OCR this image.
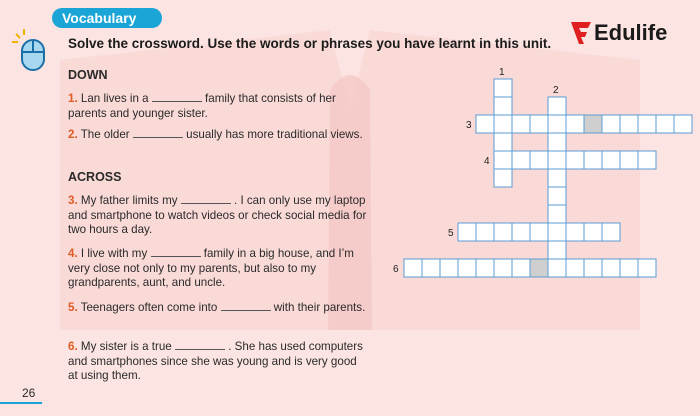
Vocabulary
Solve the crossword. Use the words or phrases you have learnt in this unit. Edulife
DOWN
1. Lan lives in a	family that consists of her parents and younger sister.
2. The older	usually has more traditional views.
ACROSS
3. My father limits my	. I can only use my laptop and smartphone to watch videos or check social media for two hours a day.
4. I live with my	family in a big house, and I’m very close not only to my parents, but also to my grandparents, aunt, and uncle.
5. Teenagers often come into	with their parents.
6. My sister is a true	. She has used computers and smartphones since she was young and is very good at using them.
1
2
3
4
5
6
26
